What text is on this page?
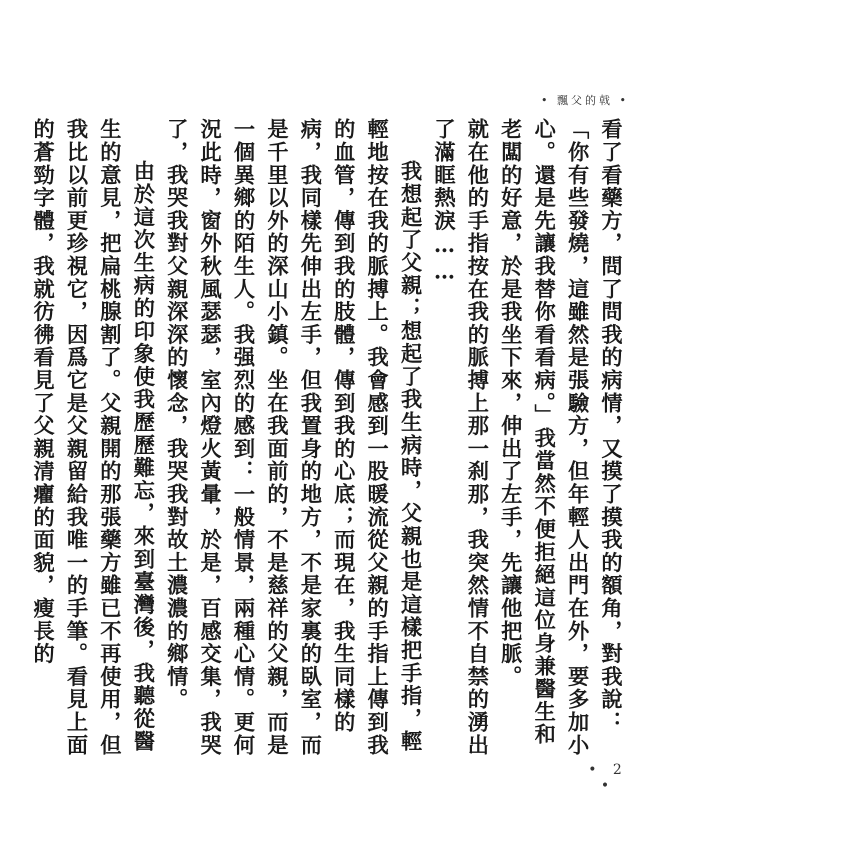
• 飄父的戟 •

看了看藥方，問了問我的病情，又摸了摸我的額角，對我說：「你有些發燒，這雖然是張驗方，但年輕人出門在外，要多加小心。還是先讓我替你看看病。」我當然不便拒絕這位身兼醫生和老闆的好意，於是我坐下來，伸出了左手，先讓他把脈。

就在他的手指按在我的脈搏上那一刹那，我突然情不自禁的湧出了滿眶熱淚……

我想起了父親；想起了我生病時，父親也是這樣把手指，輕輕地按在我的脈搏上。我會感到一股暖流從父親的手指上傳到我的血管，傳到我的肢體，傳到我的心底；而現在，我生同樣的病，我同樣先伸出左手，但我置身的地方，不是家裏的臥室，而是千里以外的深山小鎮。坐在我面前的，不是慈祥的父親，而是一個異鄉的陌生人。我强烈的感到：一般情景，兩種心情。更何況此時，窗外秋風瑟瑟，室內燈火黃暈，於是，百感交集，我哭了，我哭我對父親深深的懷念，我哭我對故土濃濃的鄉情。

由於這次生病的印象使我歷歷難忘，來到臺灣後，我聽從醫生的意見，把扁桃腺割了。父親開的那張藥方雖已不再使用，但我比以前更珍視它，因爲它是父親留給我唯一的手筆。看見上面的蒼勁字體，我就彷彿看見了父親清癯的面貌，瘦長的

• 2 •
